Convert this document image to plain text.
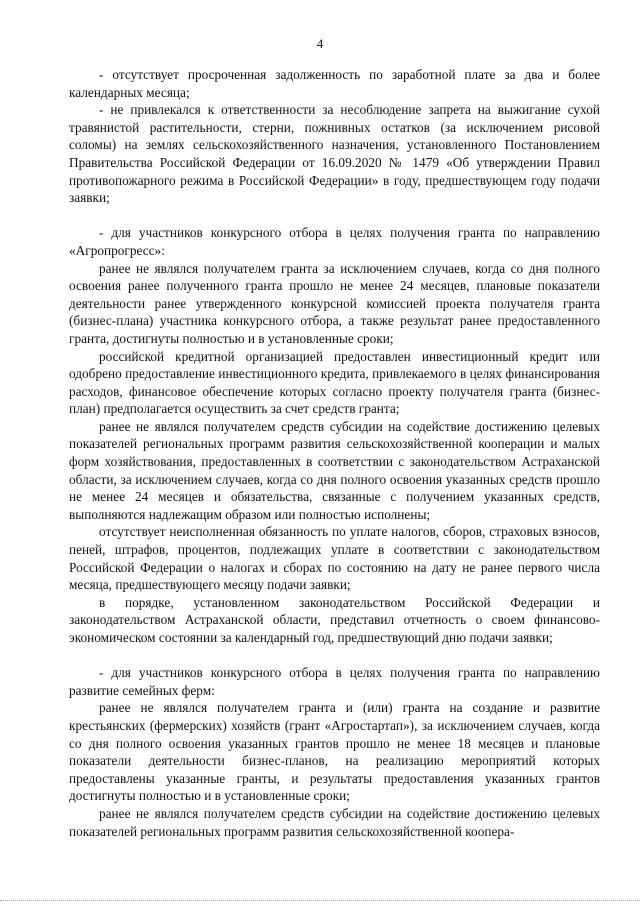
4

- отсутствует просроченная задолженность по заработной плате за два и более календарных месяца;

- не привлекался к ответственности за несоблюдение запрета на выжигание сухой травянистой растительности, стерни, пожнивных остатков (за исключением рисовой соломы) на землях сельскохозяйственного назначения, установленного Постановлением Правительства Российской Федерации от 16.09.2020 № 1479 «Об утверждении Правил противопожарного режима в Российской Федерации» в году, предшествующем году подачи заявки;

- для участников конкурсного отбора в целях получения гранта по направлению «Агропрогресс»:

ранее не являлся получателем гранта за исключением случаев, когда со дня полного освоения ранее полученного гранта прошло не менее 24 месяцев, плановые показатели деятельности ранее утвержденного конкурсной комиссией проекта получателя гранта (бизнес-плана) участника конкурсного отбора, а также результат ранее предоставленного гранта, достигнуты полностью и в установленные сроки;

российской кредитной организацией предоставлен инвестиционный кредит или одобрено предоставление инвестиционного кредита, привлекаемого в целях финансирования расходов, финансовое обеспечение которых согласно проекту получателя гранта (бизнес-план) предполагается осуществить за счет средств гранта;

ранее не являлся получателем средств субсидии на содействие достижению целевых показателей региональных программ развития сельскохозяйственной кооперации и малых форм хозяйствования, предоставленных в соответствии с законодательством Астраханской области, за исключением случаев, когда со дня полного освоения указанных средств прошло не менее 24 месяцев и обязательства, связанные с получением указанных средств, выполняются надлежащим образом или полностью исполнены;

отсутствует неисполненная обязанность по уплате налогов, сборов, страховых взносов, пеней, штрафов, процентов, подлежащих уплате в соответствии с законодательством Российской Федерации о налогах и сборах по состоянию на дату не ранее первого числа месяца, предшествующего месяцу подачи заявки;

в порядке, установленном законодательством Российской Федерации и законодательством Астраханской области, представил отчетность о своем финансово-экономическом состоянии за календарный год, предшествующий дню подачи заявки;

- для участников конкурсного отбора в целях получения гранта по направлению развитие семейных ферм:

ранее не являлся получателем гранта и (или) гранта на создание и развитие крестьянских (фермерских) хозяйств (грант «Агростартап»), за исключением случаев, когда со дня полного освоения указанных грантов прошло не менее 18 месяцев и плановые показатели деятельности бизнес-планов, на реализацию мероприятий которых предоставлены указанные гранты, и результаты предоставления указанных грантов достигнуты полностью и в установленные сроки;

ранее не являлся получателем средств субсидии на содействие достижению целевых показателей региональных программ развития сельскохозяйственной коопера-
